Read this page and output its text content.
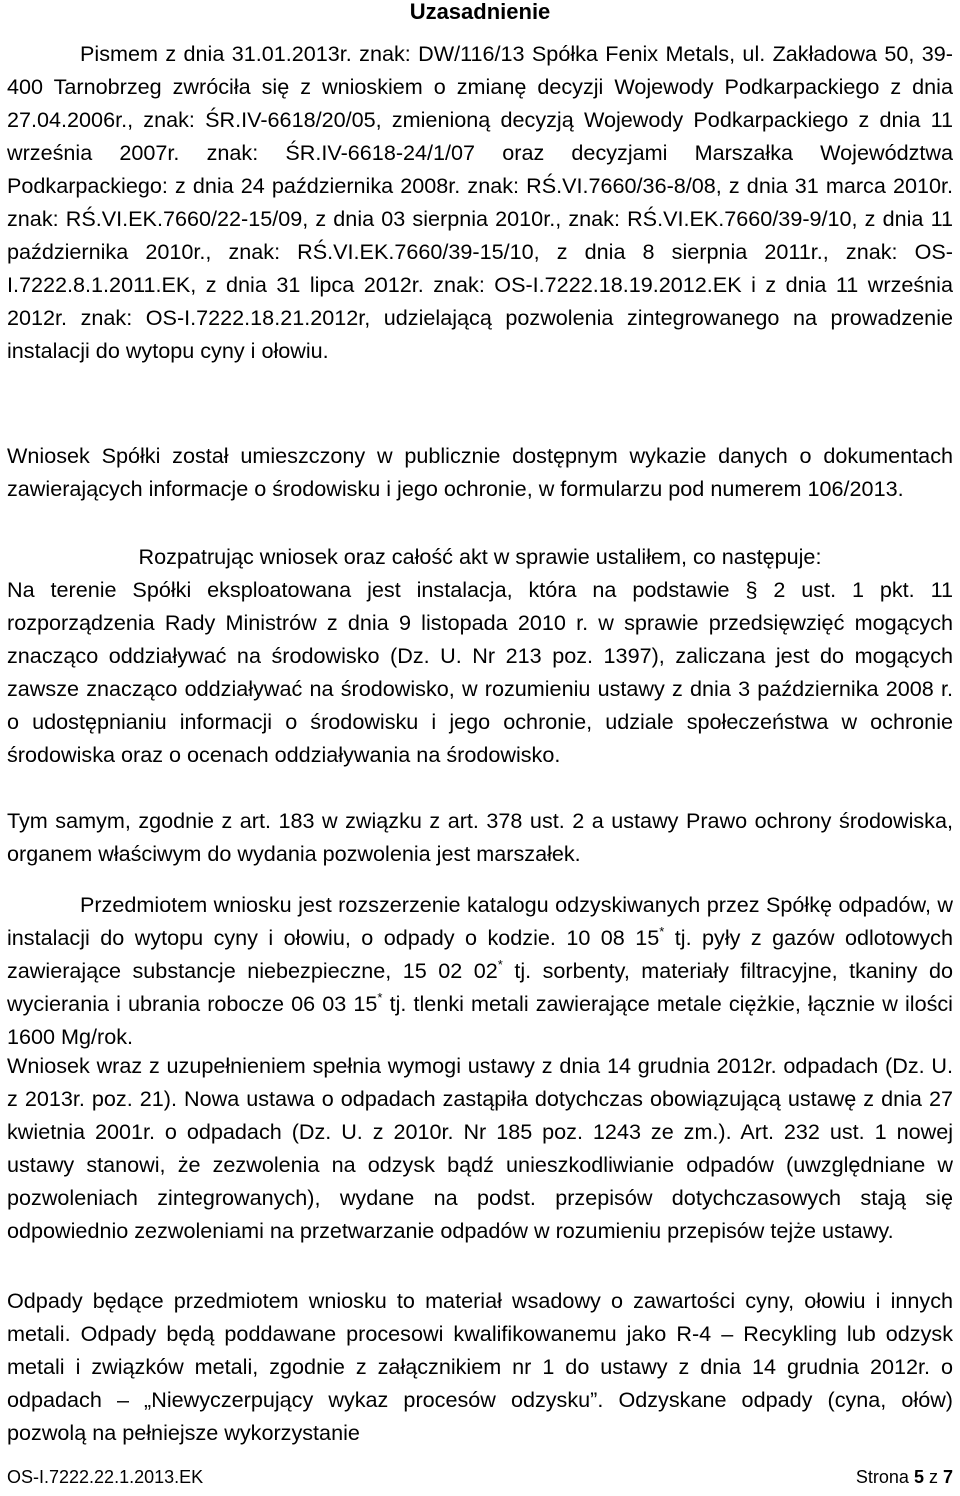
Uzasadnienie
Pismem z dnia 31.01.2013r. znak: DW/116/13 Spółka Fenix Metals, ul. Zakładowa 50, 39-400 Tarnobrzeg zwróciła się z wnioskiem o zmianę decyzji Wojewody Podkarpackiego z dnia 27.04.2006r., znak: ŚR.IV-6618/20/05, zmienioną decyzją Wojewody Podkarpackiego z dnia 11 września 2007r. znak: ŚR.IV-6618-24/1/07 oraz decyzjami Marszałka Województwa Podkarpackiego: z dnia 24 października 2008r. znak: RŚ.VI.7660/36-8/08, z dnia 31 marca 2010r. znak: RŚ.VI.EK.7660/22-15/09, z dnia 03 sierpnia 2010r., znak: RŚ.VI.EK.7660/39-9/10, z dnia 11 października 2010r., znak: RŚ.VI.EK.7660/39-15/10, z dnia 8 sierpnia 2011r., znak: OS-I.7222.8.1.2011.EK, z dnia 31 lipca 2012r. znak: OS-I.7222.18.19.2012.EK i z dnia 11 września 2012r. znak: OS-I.7222.18.21.2012r, udzielającą pozwolenia zintegrowanego na prowadzenie instalacji do wytopu cyny i ołowiu.
Wniosek Spółki został umieszczony w publicznie dostępnym wykazie danych o dokumentach zawierających informacje o środowisku i jego ochronie, w formularzu pod numerem 106/2013.
Rozpatrując wniosek oraz całość akt w sprawie ustaliłem, co następuje:
Na terenie Spółki eksploatowana jest instalacja, która na podstawie § 2 ust. 1 pkt. 11 rozporządzenia Rady Ministrów z dnia 9 listopada 2010 r. w sprawie przedsięwzięć mogących znacząco oddziaływać na środowisko (Dz. U. Nr 213 poz. 1397), zaliczana jest do mogących zawsze znacząco oddziaływać na środowisko, w rozumieniu ustawy z dnia 3 października 2008 r. o udostępnianiu informacji o środowisku i jego ochronie, udziale społeczeństwa w ochronie środowiska oraz o ocenach oddziaływania na środowisko.
Tym samym, zgodnie z art. 183 w związku z art. 378 ust. 2 a ustawy Prawo ochrony środowiska, organem właściwym do wydania pozwolenia jest marszałek.
Przedmiotem wniosku jest rozszerzenie katalogu odzyskiwanych przez Spółkę odpadów, w instalacji do wytopu cyny i ołowiu, o odpady o kodzie. 10 08 15* tj. pyły z gazów odlotowych zawierające substancje niebezpieczne, 15 02 02* tj. sorbenty, materiały filtracyjne, tkaniny do wycierania i ubrania robocze 06 03 15* tj. tlenki metali zawierające metale ciężkie, łącznie w ilości 1600 Mg/rok.
Wniosek wraz z uzupełnieniem spełnia wymogi ustawy z dnia 14 grudnia 2012r. odpadach (Dz. U. z 2013r. poz. 21). Nowa ustawa o odpadach zastąpiła dotychczas obowiązującą ustawę z dnia 27 kwietnia 2001r. o odpadach (Dz. U. z 2010r. Nr 185 poz. 1243 ze zm.). Art. 232 ust. 1 nowej ustawy stanowi, że zezwolenia na odzysk bądź unieszkodliwianie odpadów (uwzględniane w pozwoleniach zintegrowanych), wydane na podst. przepisów dotychczasowych stają się odpowiednio zezwoleniami na przetwarzanie odpadów w rozumieniu przepisów tejże ustawy.
Odpady będące przedmiotem wniosku to materiał wsadowy o zawartości cyny, ołowiu i innych metali. Odpady będą poddawane procesowi kwalifikowanemu jako R-4 – Recykling lub odzysk metali i związków metali, zgodnie z załącznikiem nr 1 do ustawy z dnia 14 grudnia 2012r. o odpadach – „Niewyczerpujący wykaz procesów odzysku”. Odzyskane odpady (cyna, ołów) pozwolą na pełniejsze wykorzystanie
OS-I.7222.22.1.2013.EK	Strona 5 z 7
